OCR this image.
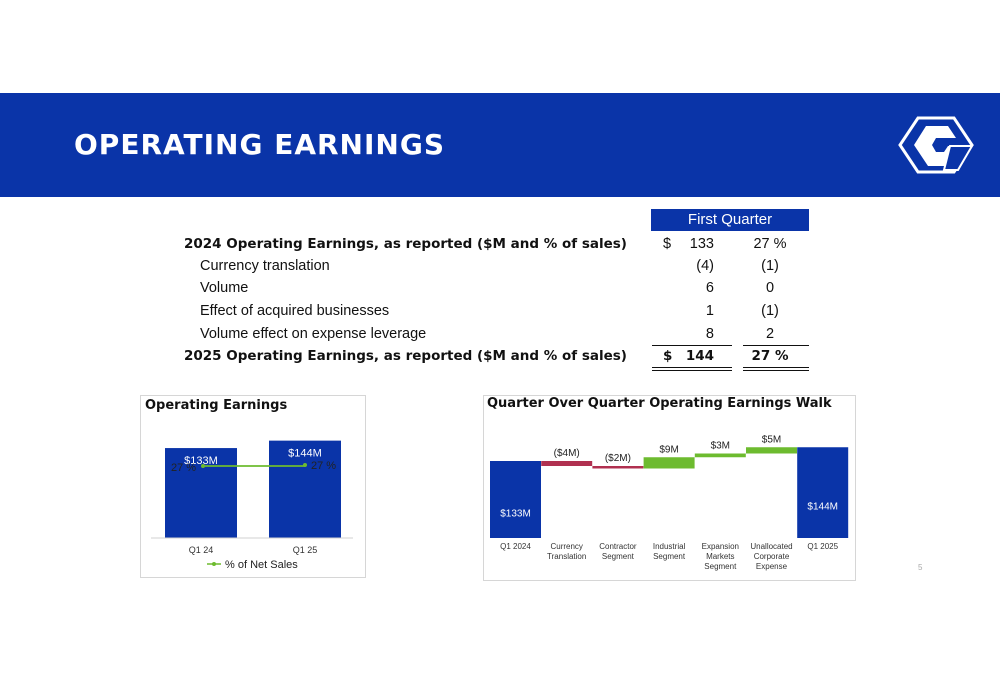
OPERATING EARNINGS
First Quarter
2024 Operating Earnings, as reported ($M and % of sales) $	133	27 %
Currency translation	(4)	(1)
Volume	6	0
Effect of acquired businesses	1	(1)
Volume effect on expense leverage	8	2
2025 Operating Earnings, as reported ($M and % of sales)	$ 144	27 %
Operating Earnings
$133M
Q1 24
$144M
Q1 25
27 %	27 %
% of Net Sales
Quarter Over Quarter Operating Earnings Walk
$133M
Q1 2024
($4M)
Currency
Translation
($2M)
Contractor
Segment
$9M
Industrial
Segment
$3M
Expansion
Markets
Segment
$5M
Unallocated
Corporate
Expense
$144M
Q1 2025
5
